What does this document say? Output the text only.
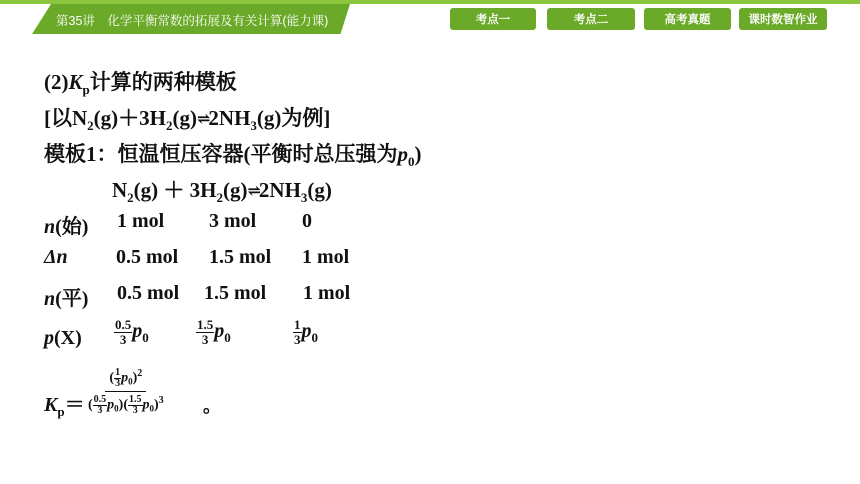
第35讲　化学平衡常数的拓展及有关计算(能力课)	考点一	考点二	高考真题	课时数智作业
$(2)K_p$计算的两种模板
[以$N_2(g)+3H_2(g)\rightleftharpoons 2NH_3(g)$为例]
模板1：恒温恒压容器(平衡时总压强为$p_0$)
$N_2(g)$ ＋ $3H_2(g)\rightleftharpoons 2NH_3(g)$
n(始) 1 mol 3 mol 0
Δn 0.5 mol 1.5 mol 1 mol
n(平) 0.5 mol 1.5 mol 1 mol
$p(X) \frac{0.5}{3} p_0$	$\frac{1.5}{3} p_0$	$\frac{1}{3} p_0$
$K_p= \frac{( \frac{1}{3} p_0)^2}{( \frac{0.5}{3} p_0)( \frac{1.5}{3} p_0)^3}$ 。
